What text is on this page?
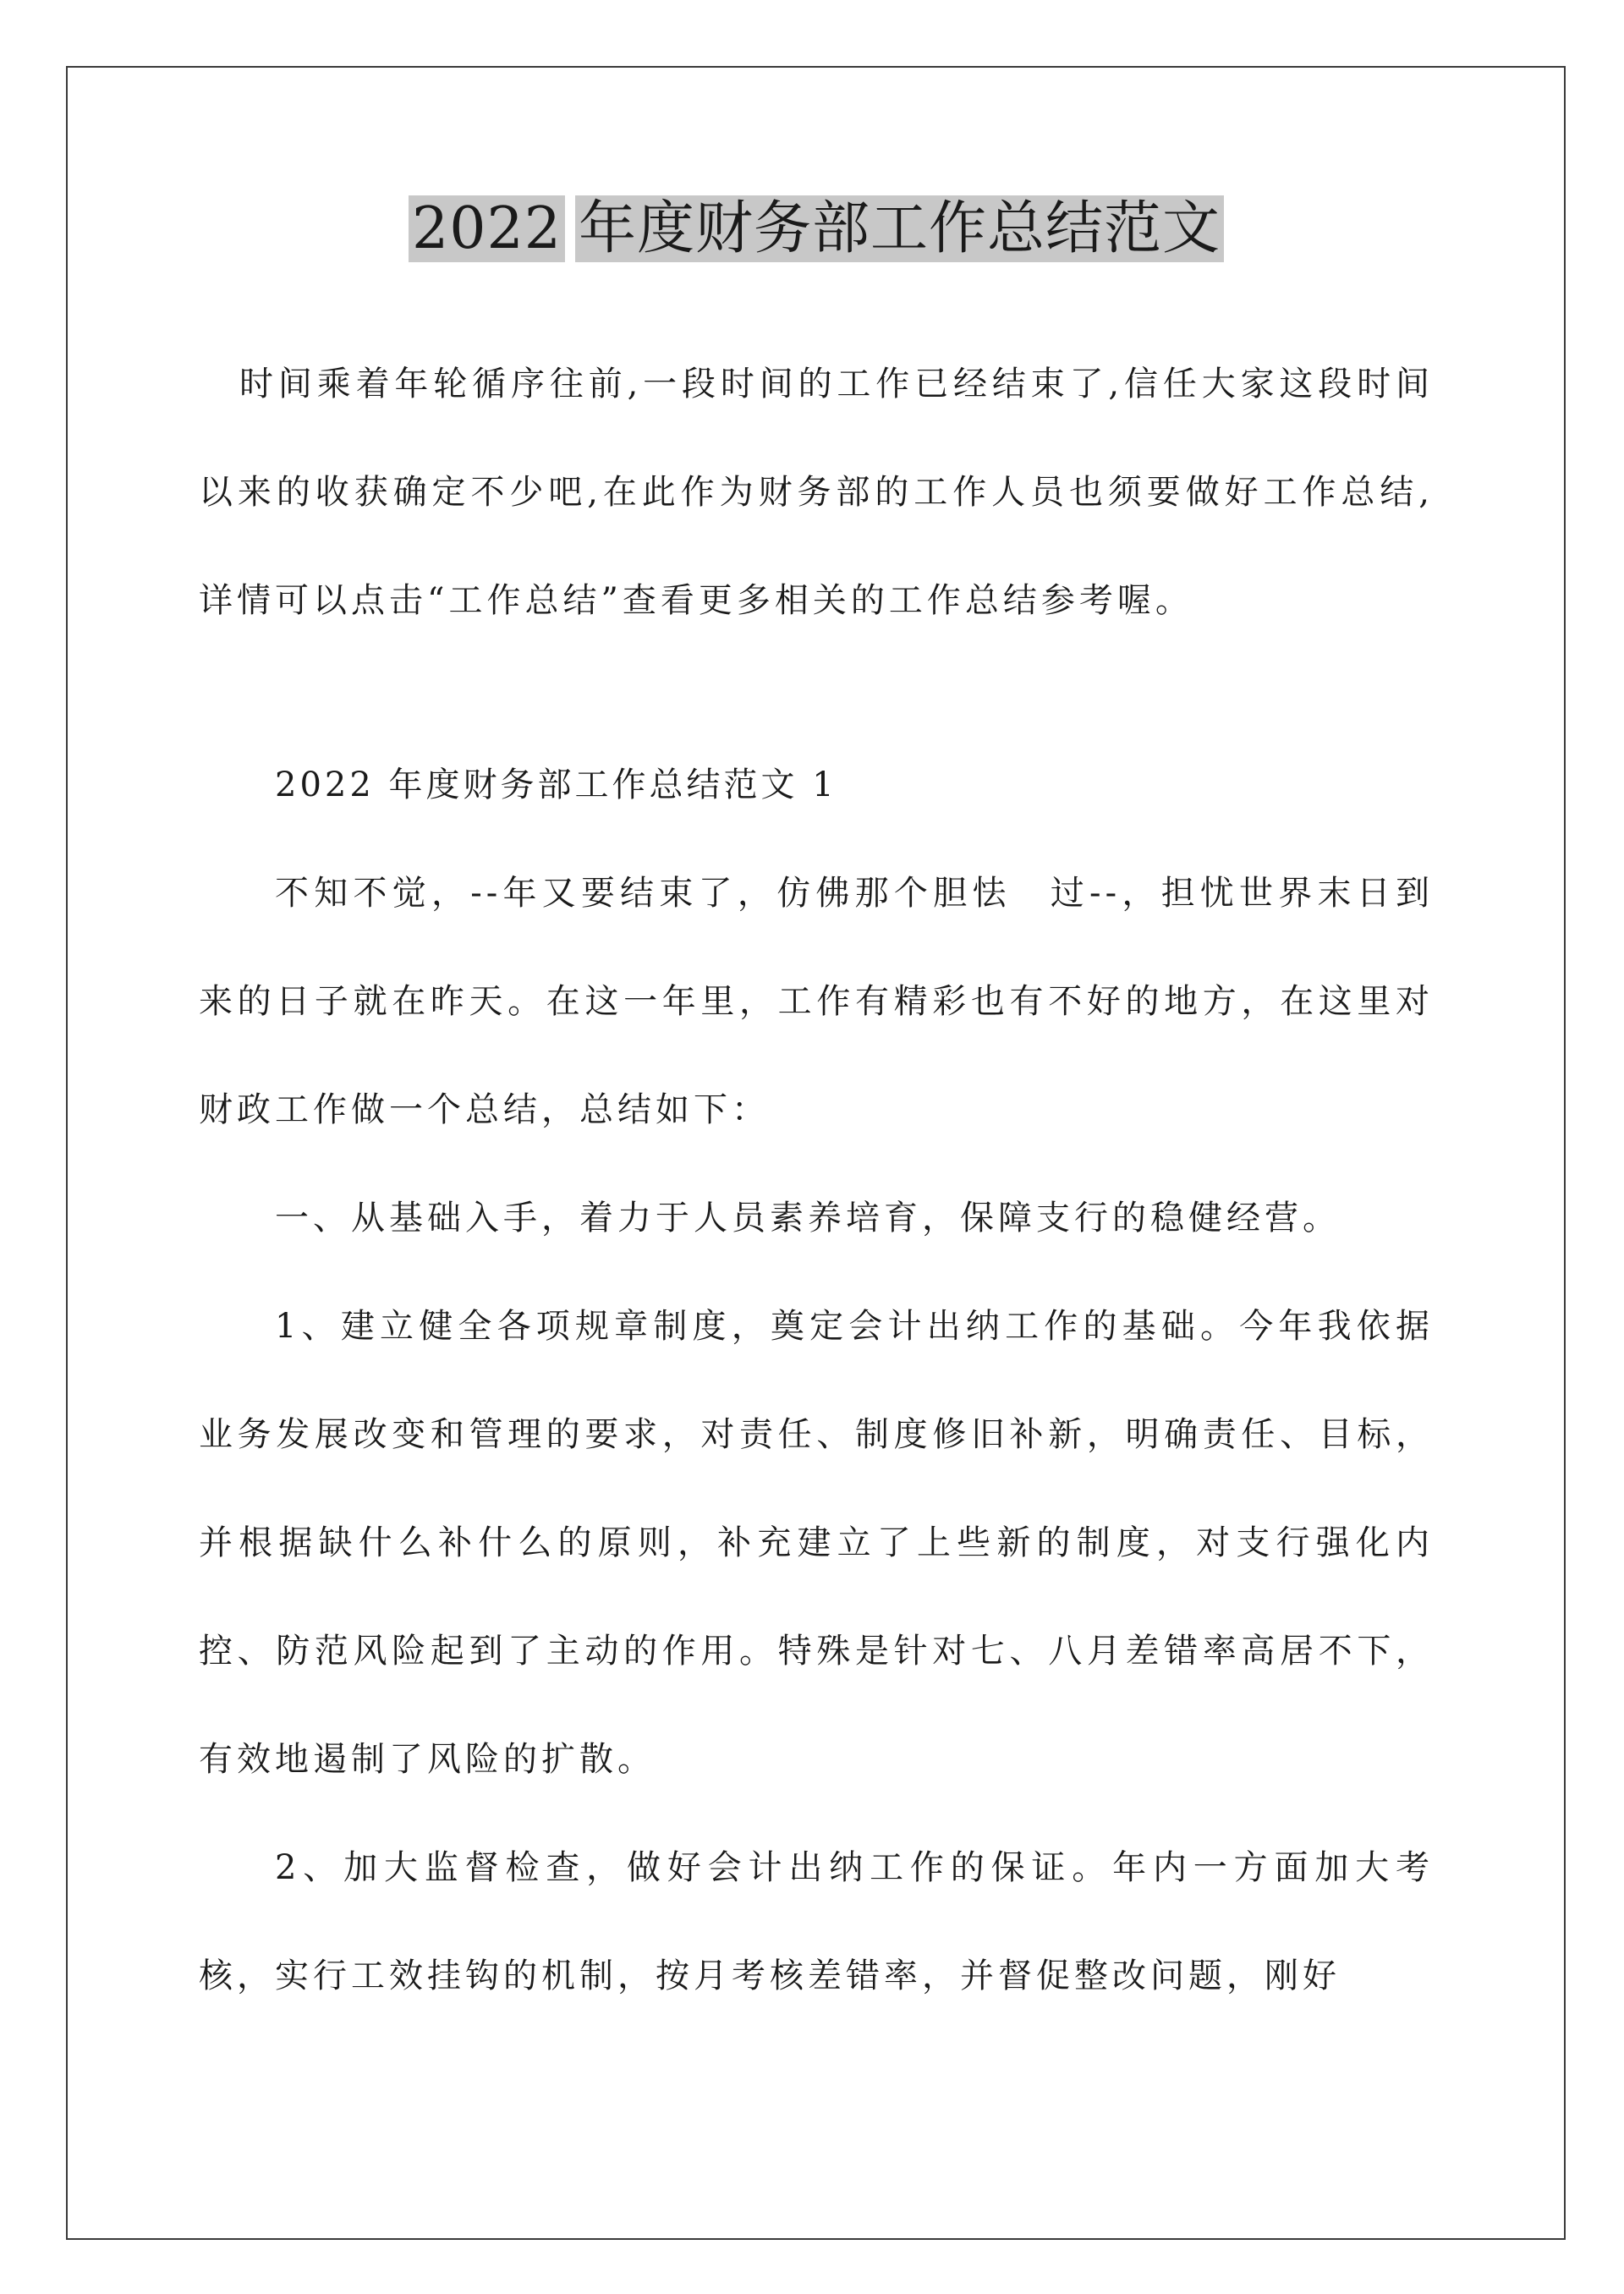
2022 年度财务部工作总结范文

时间乘着年轮循序往前,一段时间的工作已经结束了,信任大家这段时间以来的收获确定不少吧,在此作为财务部的工作人员也须要做好工作总结,详情可以点击“工作总结”查看更多相关的工作总结参考喔。

2022 年度财务部工作总结范文 1

不知不觉，--年又要结束了，仿佛那个胆怯　过--，担忧世界末日到来的日子就在昨天。在这一年里，工作有精彩也有不好的地方，在这里对财政工作做一个总结，总结如下：

一、从基础入手，着力于人员素养培育，保障支行的稳健经营。

1、建立健全各项规章制度，奠定会计出纳工作的基础。今年我依据业务发展改变和管理的要求，对责任、制度修旧补新，明确责任、目标，并根据缺什么补什么的原则，补充建立了上些新的制度，对支行强化内控、防范风险起到了主动的作用。特殊是针对七、八月差错率高居不下，有效地遏制了风险的扩散。

2、加大监督检查，做好会计出纳工作的保证。年内一方面加大考核，实行工效挂钩的机制，按月考核差错率，并督促整改问题，刚好
